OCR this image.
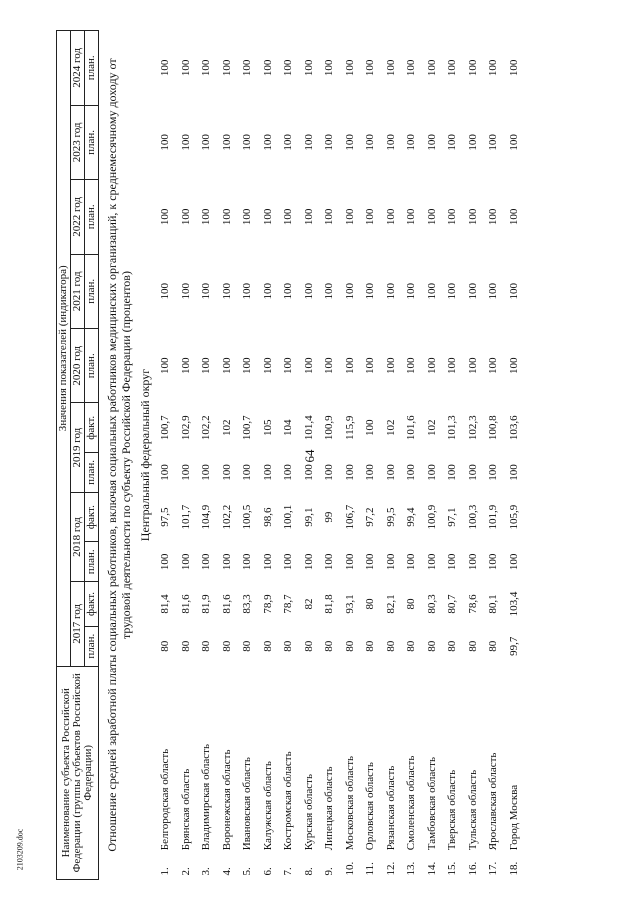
64
2103209.doc	Наименование субъекта Российской Федерации (группы субъектов Российской Федерации)		Значения показателей (индикатора)										
		2017 год		2018 год		2019 год		2020 год	2021 год	2022 год	2023 год	2024 год
		план.	факт.	план.	факт.	план.	факт.	план.	план.	план.	план.	план.
Отношение средней заработной платы социальных работников, включая социальных работников медицинских организаций, к среднемесячному доходу от трудовой деятельности по субъекту Российской Федерации (процентов)												
Центральный федеральный округ												
1.	Белгородская область	80	81,4	100	97,5	100	100,7	100	100	100	100	100
2.	Брянская область	80	81,6	100	101,7	100	102,9	100	100	100	100	100
3.	Владимирская область	80	81,9	100	104,9	100	102,2	100	100	100	100	100
4.	Воронежская область	80	81,6	100	102,2	100	102	100	100	100	100	100
5.	Ивановская область	80	83,3	100	100,5	100	100,7	100	100	100	100	100
6.	Калужская область	80	78,9	100	98,6	100	105	100	100	100	100	100
7.	Костромская область	80	78,7	100	100,1	100	104	100	100	100	100	100
8.	Курская область	80	82	100	99,1	100	101,4	100	100	100	100	100
9.	Липецкая область	80	81,8	100	99	100	100,9	100	100	100	100	100
10.	Московская область	80	93,1	100	106,7	100	115,9	100	100	100	100	100
11.	Орловская область	80	80	100	97,2	100	100	100	100	100	100	100
12.	Рязанская область	80	82,1	100	99,5	100	102	100	100	100	100	100
13.	Смоленская область	80	80	100	99,4	100	101,6	100	100	100	100	100
14.	Тамбовская область	80	80,3	100	100,9	100	102	100	100	100	100	100
15.	Тверская область	80	80,7	100	97,1	100	101,3	100	100	100	100	100
16.	Тульская область	80	78,6	100	100,3	100	102,3	100	100	100	100	100
17.	Ярославская область	80	80,1	100	101,9	100	100,8	100	100	100	100	100
18.	Город Москва	99,7	103,4	100	105,9	100	103,6	100	100	100	100	100
